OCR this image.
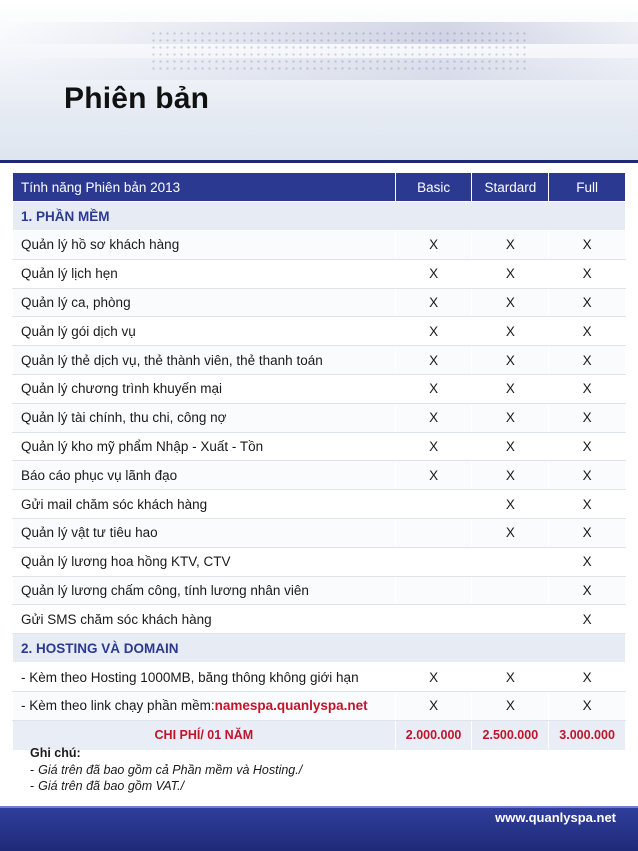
Phiên bản
Tính năng Phiên bản 2013	Basic	Stardard	Full
1. PHẦN MỀM			
Quản lý hồ sơ khách hàng	X	X	X
Quản lý lịch hẹn	X	X	X
Quản lý ca, phòng	X	X	X
Quản lý gói dịch vụ	X	X	X
Quản lý thẻ dịch vụ, thẻ thành viên, thẻ thanh toán	X	X	X
Quản lý chương trình khuyến mại	X	X	X
Quản lý tài chính, thu chi, công nợ	X	X	X
Quản lý kho mỹ phẩm Nhập - Xuất - Tồn	X	X	X
Báo cáo phục vụ lãnh đạo	X	X	X
Gửi mail chăm sóc khách hàng		X	X
Quản lý vật tư tiêu hao		X	X
Quản lý lương hoa hồng KTV, CTV			X
Quản lý lương chấm công, tính lương nhân viên			X
Gửi SMS chăm sóc khách hàng			X
2. HOSTING VÀ DOMAIN			
- Kèm theo Hosting 1000MB, băng thông không giới hạn	X	X	X
- Kèm theo link chạy phần mềm:namespa.quanlyspa.net	X	X	X
CHI PHÍ/ 01 NĂM	2.000.000	2.500.000	3.000.000
Ghi chú:
- Giá trên đã bao gồm cả Phần mềm và Hosting./
- Giá trên đã bao gồm VAT./
www.quanlyspa.net
